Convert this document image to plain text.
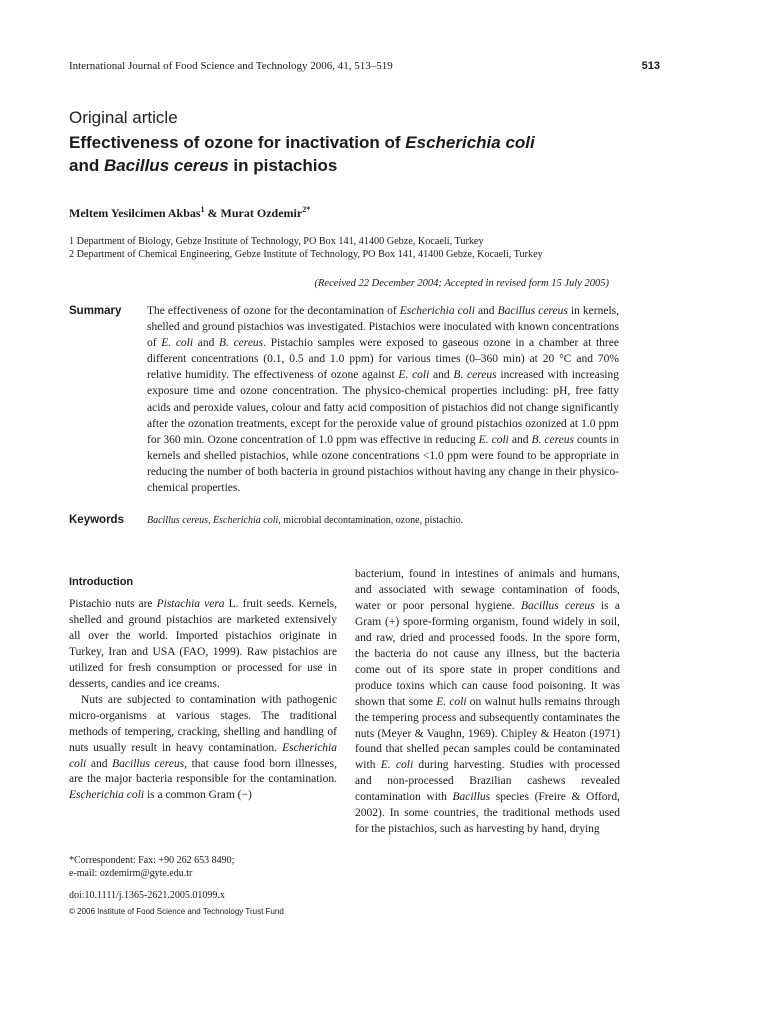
International Journal of Food Science and Technology 2006, 41, 513–519	513
Original article
Effectiveness of ozone for inactivation of Escherichia coli
and Bacillus cereus in pistachios
Meltem Yesilcimen Akbas$^1$ & Murat Ozdemir$^{2*}$
1 Department of Biology, Gebze Institute of Technology, PO Box 141, 41400 Gebze, Kocaeli, Turkey
2 Department of Chemical Engineering, Gebze Institute of Technology, PO Box 141, 41400 Gebze, Kocaeli, Turkey
(Received 22 December 2004; Accepted in revised form 15 July 2005)
Summary The effectiveness of ozone for the decontamination of Escherichia coli and Bacillus cereus in kernels, shelled and ground pistachios was investigated. Pistachios were inoculated with known concentrations of E. coli and B. cereus. Pistachio samples were exposed to gaseous ozone in a chamber at three different concentrations (0.1, 0.5 and 1.0 ppm) for various times (0–360 min) at 20 °C and 70% relative humidity. The effectiveness of ozone against E. coli and B. cereus increased with increasing exposure time and ozone concentration. The physico-chemical properties including: pH, free fatty acids and peroxide values, colour and fatty acid composition of pistachios did not change significantly after the ozonation treatments, except for the peroxide value of ground pistachios ozonized at 1.0 ppm for 360 min. Ozone concentration of 1.0 ppm was effective in reducing E. coli and B. cereus counts in kernels and shelled pistachios, while ozone concentrations <1.0 ppm were found to be appropriate in reducing the number of both bacteria in ground pistachios without having any change in their physico-chemical properties.
Keywords Bacillus cereus, Escherichia coli, microbial decontamination, ozone, pistachio.
Introduction

Pistachio nuts are Pistachia vera L. fruit seeds. Kernels, shelled and ground pistachios are marketed extensively all over the world. Imported pistachios originate in Turkey, Iran and USA (FAO, 1999). Raw pistachios are utilized for fresh consumption or processed for use in desserts, candies and ice creams.

Nuts are subjected to contamination with pathogenic micro-organisms at various stages. The traditional methods of tempering, cracking, shelling and handling of nuts usually result in heavy contamination. Escherichia coli and Bacillus cereus, that cause food born illnesses, are the major bacteria responsible for the contamination. Escherichia coli is a common Gram (−)

bacterium, found in intestines of animals and humans, and associated with sewage contamination of foods, water or poor personal hygiene. Bacillus cereus is a Gram (+) spore-forming organism, found widely in soil, and raw, dried and processed foods. In the spore form, the bacteria do not cause any illness, but the bacteria come out of its spore state in proper conditions and produce toxins which can cause food poisoning. It was shown that some E. coli on walnut hulls remains through the tempering process and subsequently contaminates the nuts (Meyer & Vaughn, 1969). Chipley & Heaton (1971) found that shelled pecan samples could be contaminated with E. coli during harvesting. Studies with processed and non-processed Brazilian cashews revealed contamination with Bacillus species (Freire & Offord, 2002). In some countries, the traditional methods used for the pistachios, such as harvesting by hand, drying

*Correspondent: Fax: +90 262 653 8490;
e-mail: ozdemirm@gyte.edu.tr
doi:10.1111/j.1365-2621.2005.01099.x
© 2006 Institute of Food Science and Technology Trust Fund
